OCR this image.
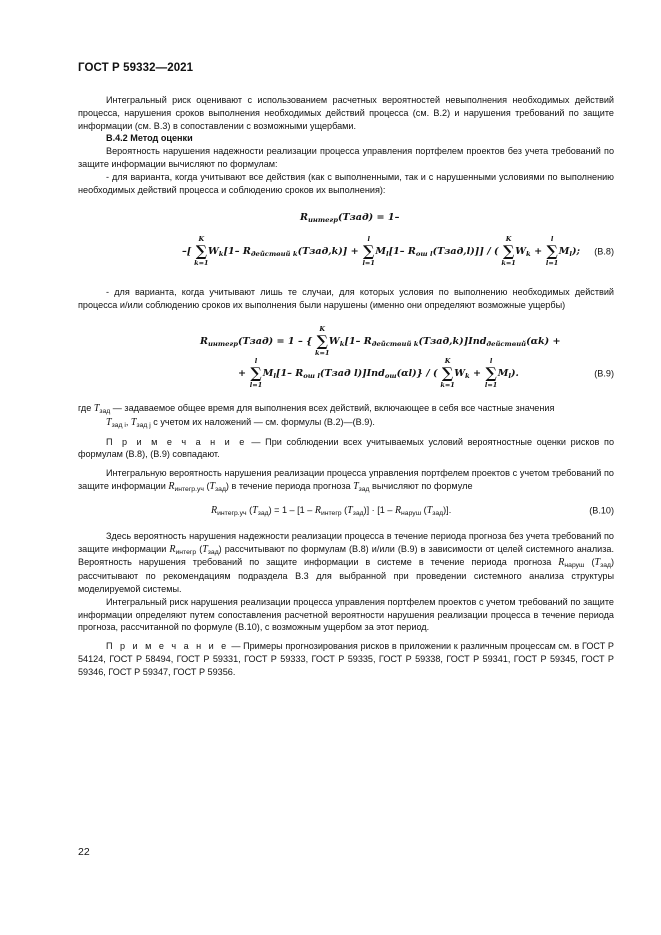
ГОСТ Р 59332—2021

Интегральный риск оценивают с использованием расчетных вероятностей невыполнения необходимых действий процесса, нарушения сроков выполнения необходимых действий процесса (см. В.2) и нарушения требований по защите информации (см. В.3) в сопоставлении с возможными ущербами.

В.4.2 Метод оценки

Вероятность нарушения надежности реализации процесса управления портфелем проектов без учета требований по защите информации вычисляют по формулам:

- для варианта, когда учитывают все действия (как с выполненными, так и с нарушенными условиями по выполнению необходимых действий процесса и соблюдению сроков их выполнения):

$R_{интегр}(Tзад) = 1-$
–[ ∑
K
k=1
$W_k[1-$ $R_{действий k}(Tзад,k)$] + ∑
l
l=1
$M_l[1-$ $R_{ош l}(Tзад,l)$]] / ( ∑
K
k=1
$W_k$ + ∑
l
l=1
$M_l$); (В.8)

- для варианта, когда учитывают лишь те случаи, для которых условия по выполнению необходимых действий процесса и/или соблюдению сроков их выполнения были нарушены (именно они определяют возможные ущербы)

$R_{интегр}(Tзад) = 1$ – { ∑
K
k=1
$W_k[1-$ $R_{действий k}(Tзад,k)]Ind_{действий}(\alpha k)$ +
+ ∑
l
l=1
$M_l[1-$ $R_{ош l}(Tзад$ l)]Ind$_{ош}$(αl)} / ( ∑
K
k=1
$W_k$ + ∑
l
l=1
$M_l$).	(В.9)

где $T_{зад}$ — задаваемое общее время для выполнения всех действий, включающее в себя все частные значения
$T_{зад i}$, $T_{зад j}$ с учетом их наложений — см. формулы (В.2)—(В.9).

П р и м е ч а н и е — При соблюдении всех учитываемых условий вероятностные оценки рисков по формулам (В.8), (В.9) совпадают.

Интегральную вероятность нарушения реализации процесса управления портфелем проектов с учетом требований по защите информации $R_{интегр.уч}$ $(T_{зад})$ в течение периода прогноза $T_{зад}$ вычисляют по формуле

$R_{интегр.уч}$ $(T_{зад}) = 1 - [1 - R_{интегр}$ $(T_{зад})] \cdot [1 - R_{наруш}$ $(T_{зад})$].	(В.10)

Здесь вероятность нарушения надежности реализации процесса в течение периода прогноза без учета требований по защите информации $R_{интегр}$ $(T_{зад})$ рассчитывают по формулам (В.8) и/или (В.9) в зависимости от целей системного анализа. Вероятность нарушения требований по защите информации в системе в течение периода прогноза $R_{наруш}$ $(T_{зад})$ рассчитывают по рекомендациям подраздела В.3 для выбранной при проведении системного анализа структуры моделируемой системы.

Интегральный риск нарушения реализации процесса управления портфелем проектов с учетом требований по защите информации определяют путем сопоставления расчетной вероятности нарушения реализации процесса в течение периода прогноза, рассчитанной по формуле (В.10), с возможным ущербом за этот период.

П р и м е ч а н и е — Примеры прогнозирования рисков в приложении к различным процессам см. в ГОСТ Р 54124, ГОСТ Р 58494, ГОСТ Р 59331, ГОСТ Р 59333, ГОСТ Р 59335, ГОСТ Р 59338, ГОСТ Р 59341, ГОСТ Р 59345, ГОСТ Р 59346, ГОСТ Р 59347, ГОСТ Р 59356.

22
